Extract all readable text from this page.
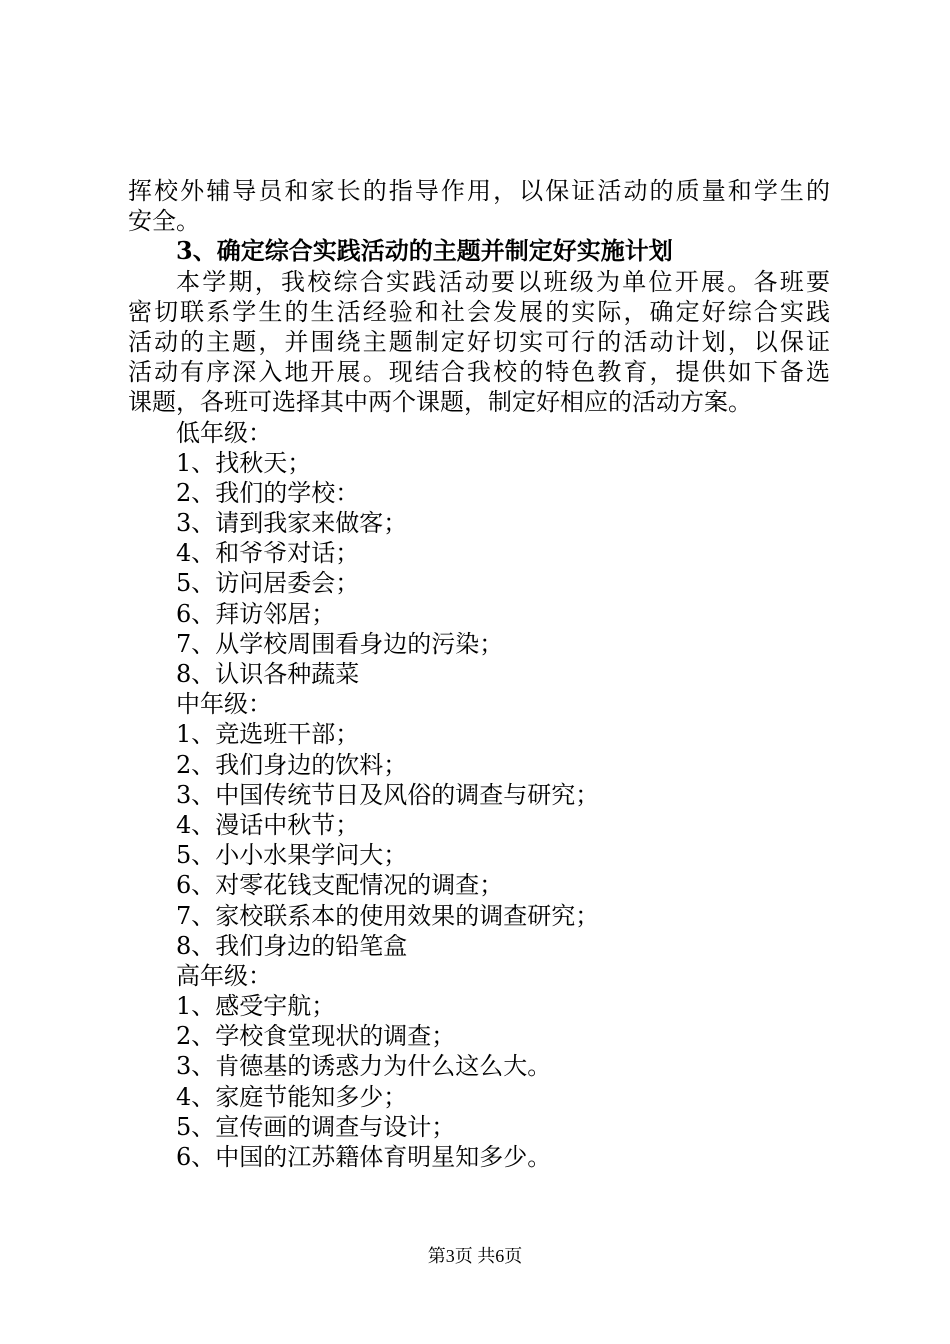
挥校外辅导员和家长的指导作用，以保证活动的质量和学生的
安全。
3、确定综合实践活动的主题并制定好实施计划
本学期，我校综合实践活动要以班级为单位开展。各班要
密切联系学生的生活经验和社会发展的实际，确定好综合实践
活动的主题，并围绕主题制定好切实可行的活动计划，以保证
活动有序深入地开展。现结合我校的特色教育，提供如下备选
课题，各班可选择其中两个课题，制定好相应的活动方案。
低年级：
1、找秋天；
2、我们的学校：
3、请到我家来做客；
4、和爷爷对话；
5、访问居委会；
6、拜访邻居；
7、从学校周围看身边的污染；
8、认识各种蔬菜
中年级：
1、竞选班干部；
2、我们身边的饮料；
3、中国传统节日及风俗的调查与研究；
4、漫话中秋节；
5、小小水果学问大；
6、对零花钱支配情况的调查；
7、家校联系本的使用效果的调查研究；
8、我们身边的铅笔盒
高年级：
1、感受宇航；
2、学校食堂现状的调查；
3、肯德基的诱惑力为什么这么大。
4、家庭节能知多少；
5、宣传画的调查与设计；
6、中国的江苏籍体育明星知多少。
第3页 共6页
